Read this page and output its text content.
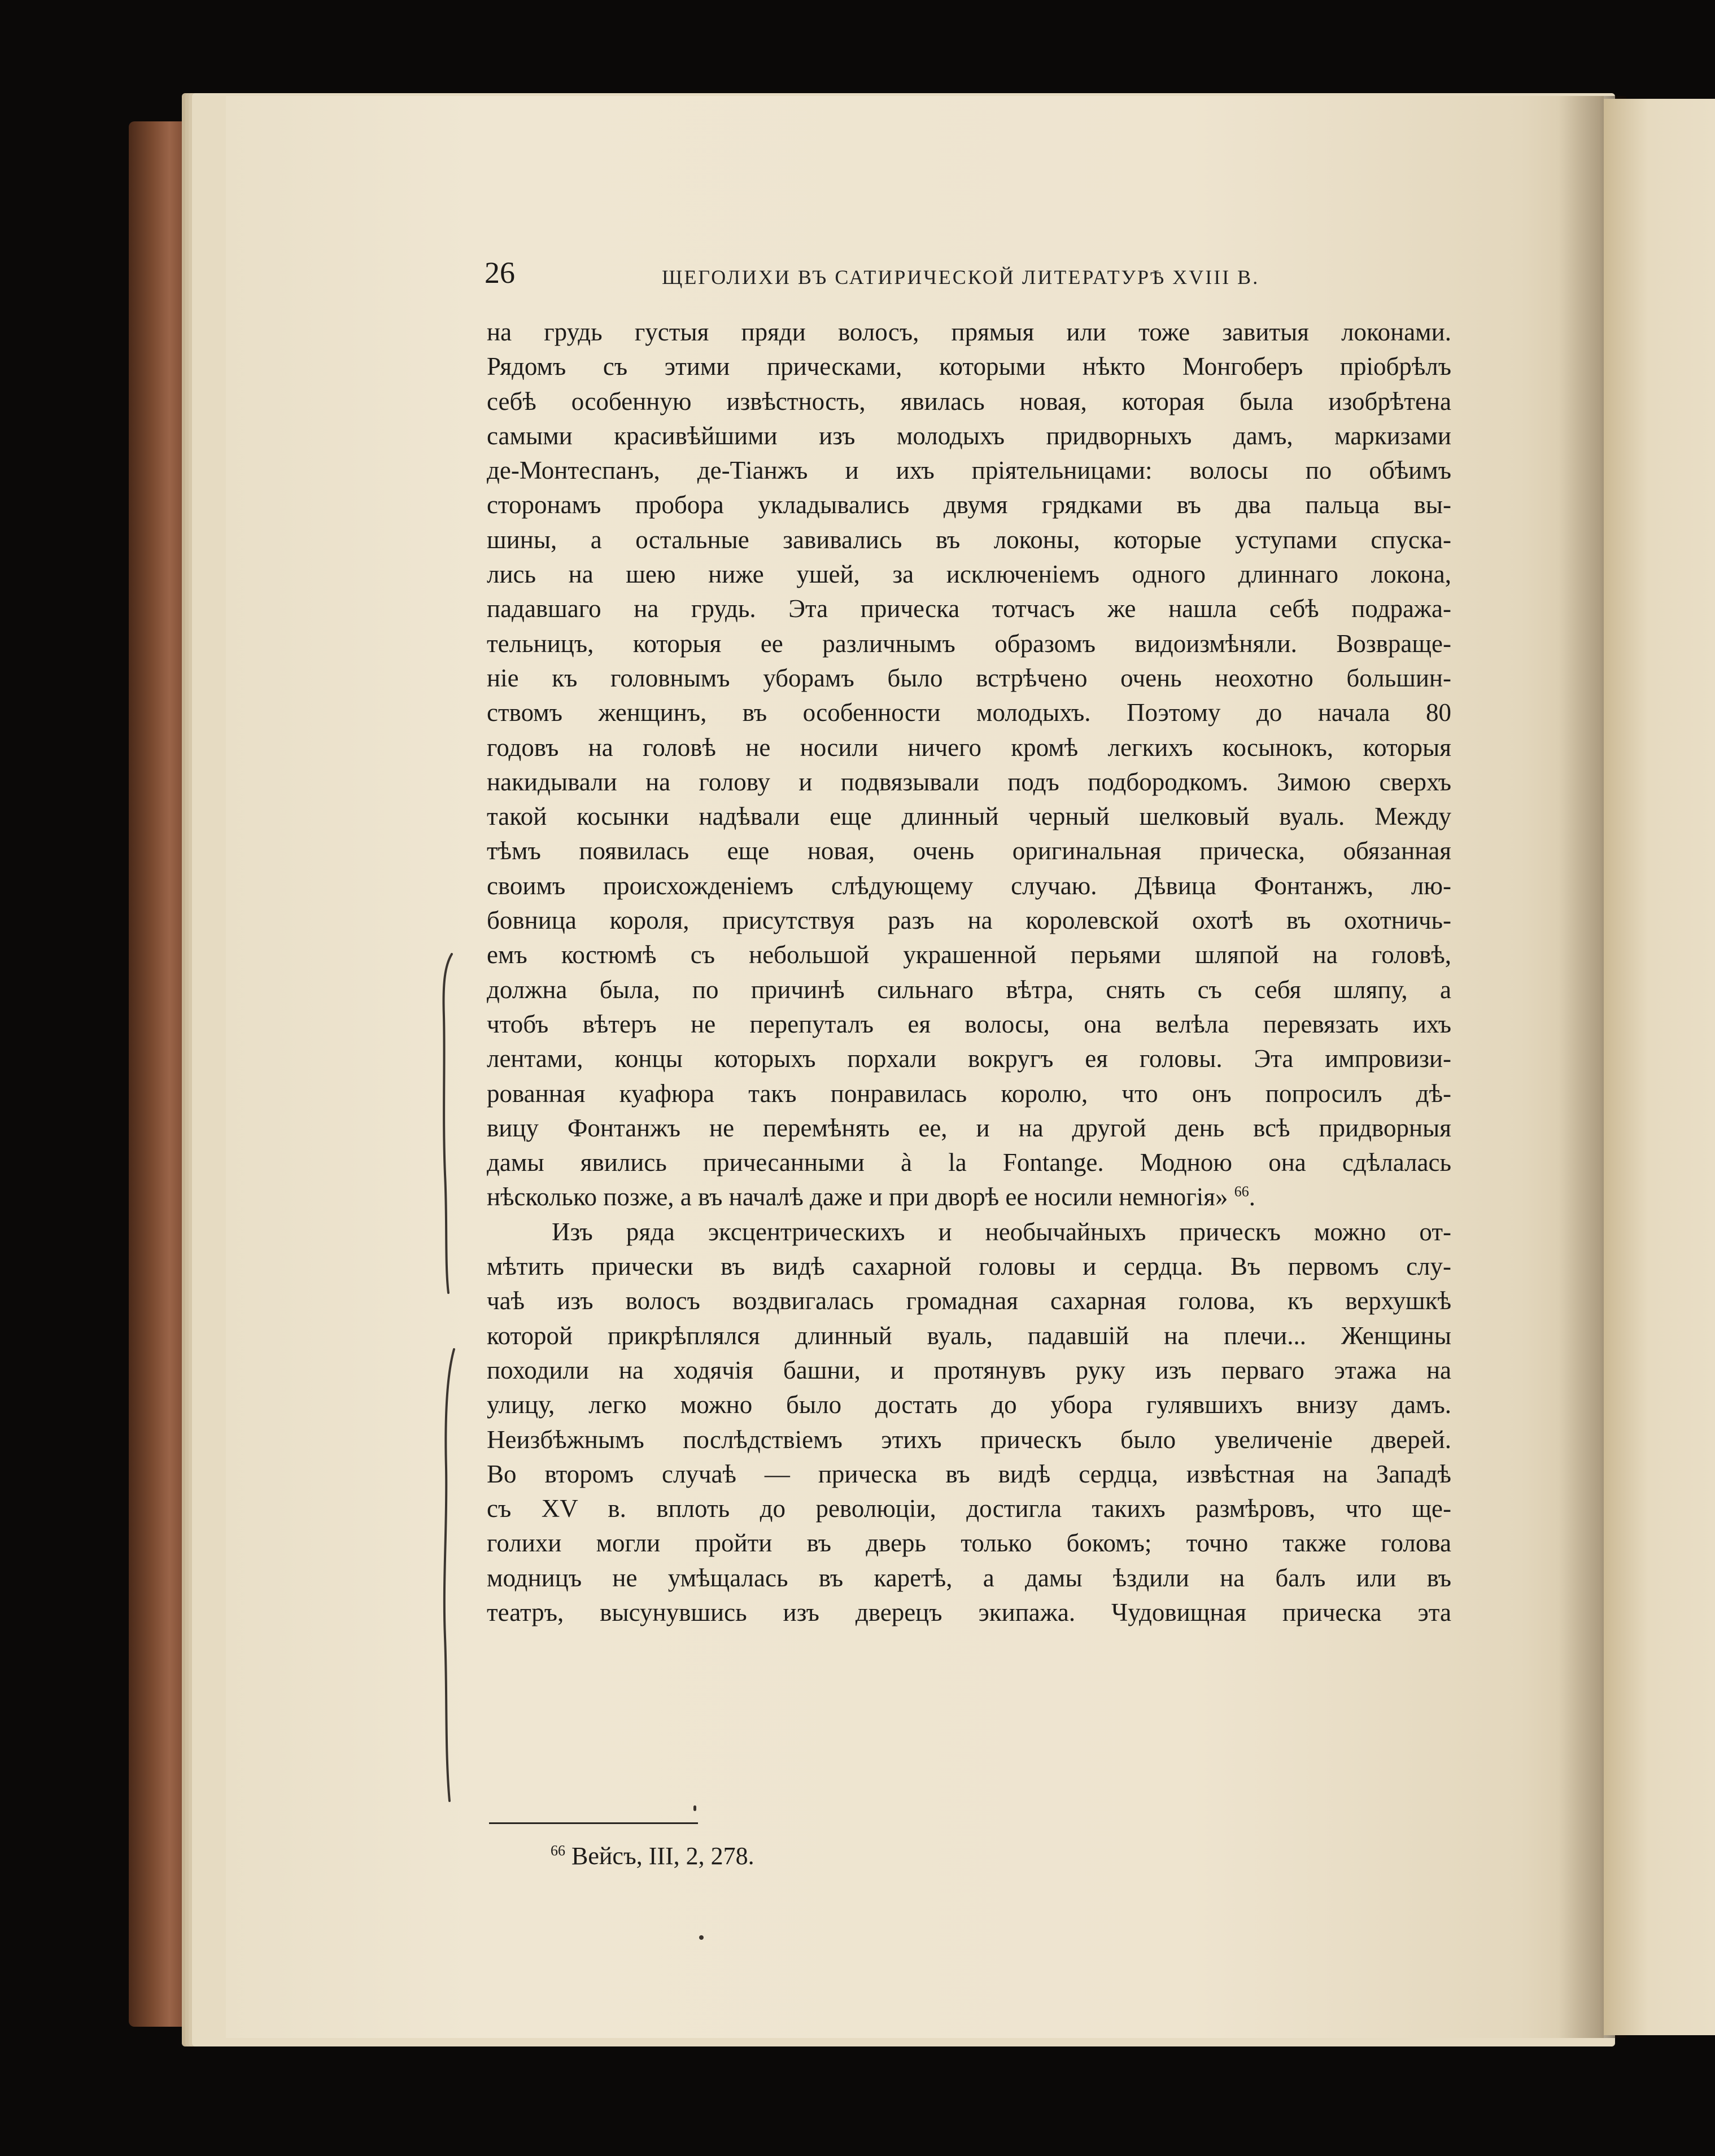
26	ЩЕГОЛИХИ ВЪ САТИРИЧЕСКОЙ ЛИТЕРАТУРѢ XVIII В.
на грудь густыя пряди волосъ, прямыя или тоже завитыя локонами.
Рядомъ съ этими прическами, которыми нѣкто Монгоберъ пріобрѣлъ
себѣ особенную извѣстность, явилась новая, которая была изобрѣтена
самыми красивѣйшими изъ молодыхъ придворныхъ дамъ, маркизами
де-Монтеспанъ, де-Тіанжъ и ихъ пріятельницами: волосы по обѣимъ
сторонамъ пробора укладывались двумя грядками въ два пальца вы-
шины, а остальные завивались въ локоны, которые уступами спуска-
лись на шею ниже ушей, за исключеніемъ одного длиннаго локона,
падавшаго на грудь. Эта прическа тотчасъ же нашла себѣ подража-
тельницъ, которыя ее различнымъ образомъ видоизмѣняли. Возвраще-
ніе къ головнымъ уборамъ было встрѣчено очень неохотно большин-
ствомъ женщинъ, въ особенности молодыхъ. Поэтому до начала 80
годовъ на головѣ не носили ничего кромѣ легкихъ косынокъ, которыя
накидывали на голову и подвязывали подъ подбородкомъ. Зимою сверхъ
такой косынки надѣвали еще длинный черный шелковый вуаль. Между
тѣмъ появилась еще новая, очень оригинальная прическа, обязанная
своимъ происхожденіемъ слѣдующему случаю. Дѣвица Фонтанжъ, лю-
бовница короля, присутствуя разъ на королевской охотѣ въ охотничь-
емъ костюмѣ съ небольшой украшенной перьями шляпой на головѣ,
должна была, по причинѣ сильнаго вѣтра, снять съ себя шляпу, а
чтобъ вѣтеръ не перепуталъ ея волосы, она велѣла перевязать ихъ
лентами, концы которыхъ порхали вокругъ ея головы. Эта импровизи-
рованная куафюра такъ понравилась королю, что онъ попросилъ дѣ-
вицу Фонтанжъ не перемѣнять ее, и на другой день всѣ придворныя
дамы явились причесанными à la Fontange. Модною она сдѣлалась
нѣсколько позже, а въ началѣ даже и при дворѣ ее носили немногія» $^{66}$.
Изъ ряда эксцентрическихъ и необычайныхъ прическъ можно от-
мѣтить прически въ видѣ сахарной головы и сердца. Въ первомъ слу-
чаѣ изъ волосъ воздвигалась громадная сахарная голова, къ верхушкѣ
которой прикрѣплялся длинный вуаль, падавшій на плечи... Женщины
походили на ходячія башни, и протянувъ руку изъ перваго этажа на
улицу, легко можно было достать до убора гулявшихъ внизу дамъ.
Неизбѣжнымъ послѣдствіемъ этихъ прическъ было увеличеніе дверей.
Во второмъ случаѣ — прическа въ видѣ сердца, извѣстная на Западѣ
съ XV в. вплоть до революціи, достигла такихъ размѣровъ, что ще-
голихи могли пройти въ дверь только бокомъ; точно также голова
модницъ не умѣщалась въ каретѣ, а дамы ѣздили на балъ или въ
театръ, высунувшись изъ дверецъ экипажа. Чудовищная прическа эта
$^{66}$ Вейсъ, III, 2, 278.
